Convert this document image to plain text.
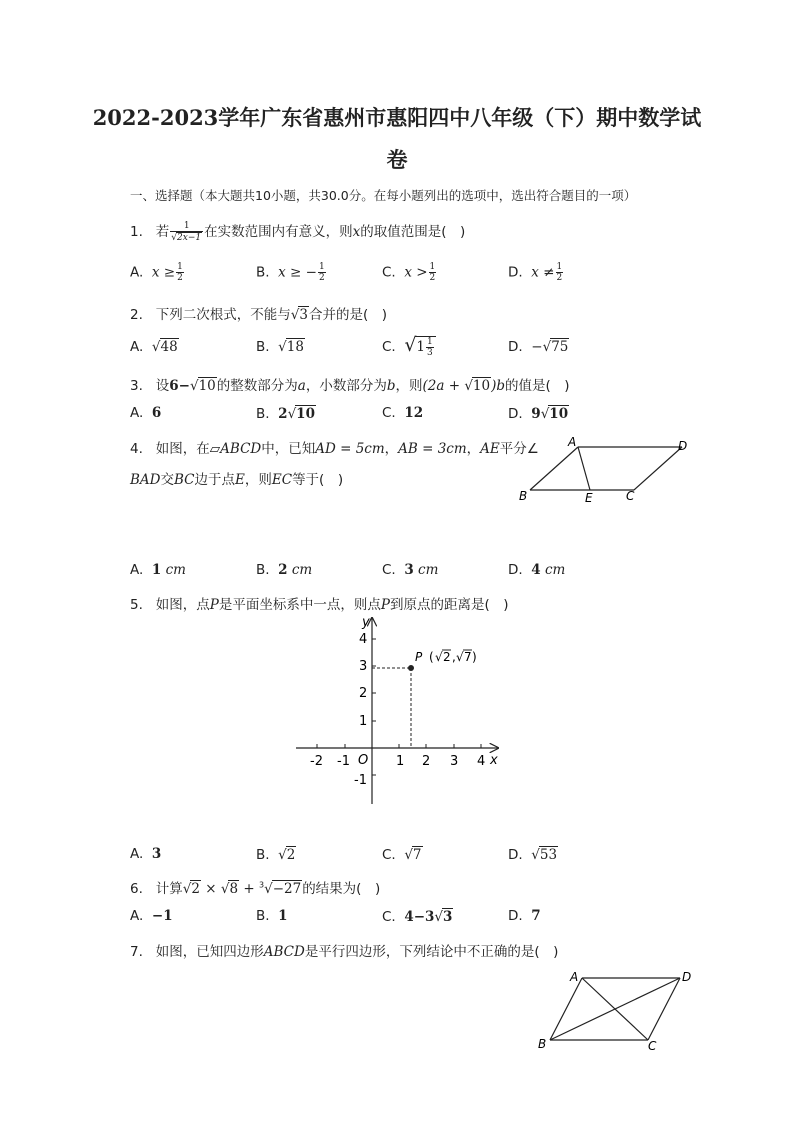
2022-2023学年广东省惠州市惠阳四中八年级（下）期中数学试
卷
一、选择题（本大题共10小题，共30.0分。在每小题列出的选项中，选出符合题目的一项）
1. 若 $\frac{1}{√2x-1}$ 在实数范围内有意义，则x的取值范围是(　)
A. $x \ge \frac{1}{2}$	B. x ≥ − $\frac{1}{2}$	C. $x > \frac{1}{2}$	D. $x \ne \frac{1}{2}$
2. 下列二次根式，不能与√3合并的是(　)
A. √48	B. √18	C. $√1 \frac{1}{3}$	D. −√75
3. 设6−√10的整数部分为a，小数部分为b，则(2a + √10)b的值是(　)
A. 6	B. 2√10	C. 12	D. 9√10
4. 如图，在▱ABCD中，已知AD = 5cm，AB = 3cm，AE平分∠
BAD交BC边于点E，则EC等于(　)
A	D
B	E	C
A. 1 cm	B. 2 cm	C. 3 cm	D. 4 cm
5. 如图，点P是平面坐标系中一点，则点P到原点的距离是(　)
-2 -1	1 2 3 4
4
3
2
1
-1
O	x
y
P ( √ 2 , √ 7 )
A. 3	B. √2	C. √7	D. √53
6. 计算√2 × √8 + $^3$√−27的结果为(　)
A. −1	B. 1	C. 4−3√3	D. 7
7. 如图，已知四边形ABCD是平行四边形，下列结论中不正确的是(　)
A	D
B	C
